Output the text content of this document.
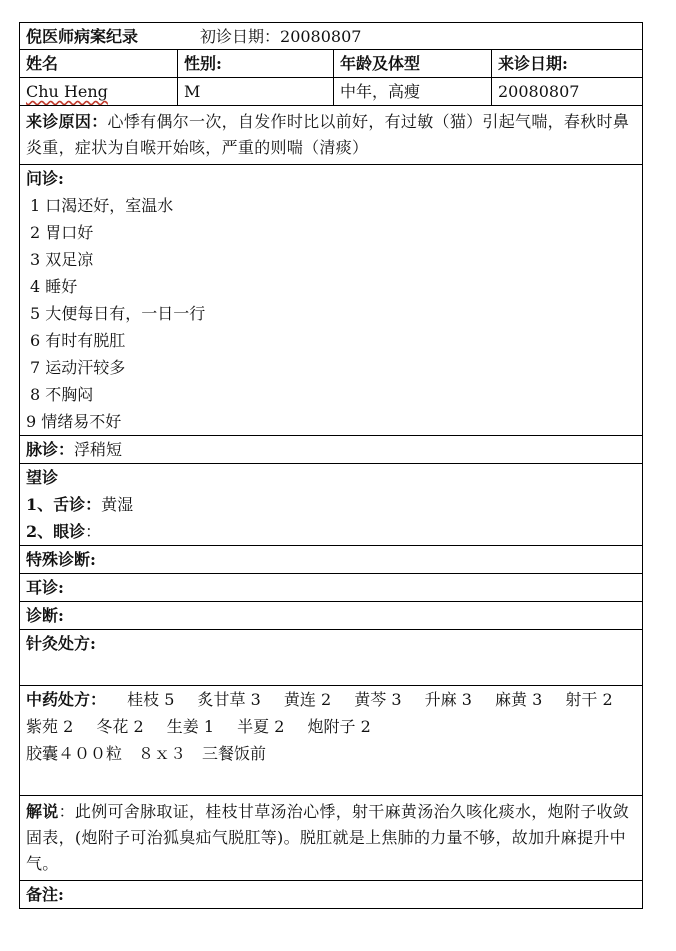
倪医师病案纪录	初诊日期： 20080807
姓名	性别:	年龄及体型	来诊日期:
Chu Heng	M	中年，高瘦	20080807
来诊原因：心悸有偶尔一次，自发作时比以前好，有过敏（猫）引起气喘，春秋时鼻炎重，症状为自喉开始咳，严重的则喘（清痰）
问诊:
1 口渴还好，室温水
2 胃口好
3 双足凉
4 睡好
5 大便每日有，一日一行
6 有时有脱肛
7 运动汗较多
8 不胸闷
9 情绪易不好
脉诊：浮稍短
望诊
1、舌诊：黄湿
2、眼诊：
特殊诊断:
耳诊:
诊断:
针灸处方:
中药处方： 桂枝 5 炙甘草 3 黄连 2 黄芩 3 升麻 3 麻黄 3 射干 2
紫苑 2 冬花 2 生姜 1 半夏 2 炮附子 2
胶囊４００粒　８ｘ３　三餐饭前
解说：此例可舍脉取证，桂枝甘草汤治心悸，射干麻黄汤治久咳化痰水，炮附子收敛固表，(炮附子可治狐臭疝气脱肛等)。脱肛就是上焦肺的力量不够，故加升麻提升中气。
备注:
